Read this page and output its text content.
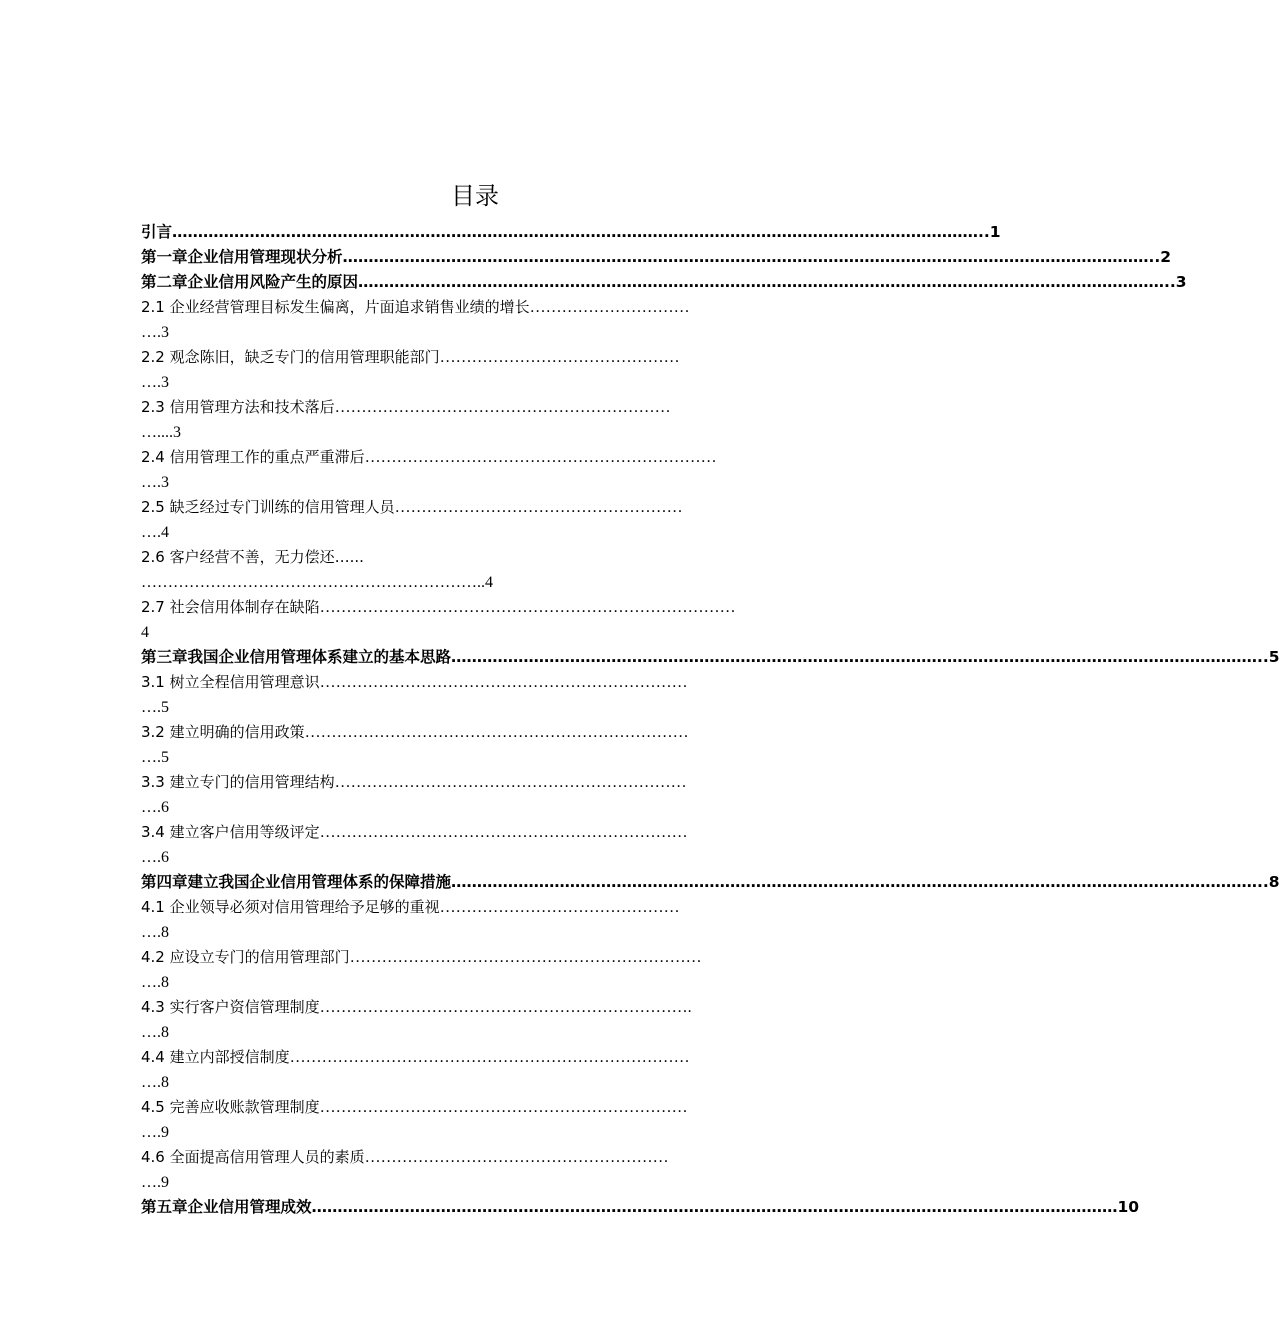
目录
引言 ………………………………………………………………………………………………………………………………………… ..1
第一章企业信用管理现状分析 ………………………………………………………………………………………………………………………………………… ..2
第二章企业信用风险产生的原因 ………………………………………………………………………………………………………………………………………… ..3
2.1 企业经营管理目标发生偏离，片面追求销售业绩的增长…………………………
….3
2.2 观念陈旧，缺乏专门的信用管理职能部门………………………………………
….3
2.3 信用管理方法和技术落后………………………………………………………
…....3
2.4 信用管理工作的重点严重滞后…………………………………………………………
….3
2.5 缺乏经过专门训练的信用管理人员………………………………………………
….4
2.6 客户经营不善，无力偿还…...
………………………………………………………..4
2.7 社会信用体制存在缺陷……………………………………………………………………
4
第三章我国企业信用管理体系建立的基本思路 ………………………………………………………………………………………………………………………………………… ..5
3.1 树立全程信用管理意识……………………………………………………………
….5
3.2 建立明确的信用政策………………………………………………………………
….5
3.3 建立专门的信用管理结构…………………………………………………………
….6
3.4 建立客户信用等级评定……………………………………………………………
….6
第四章建立我国企业信用管理体系的保障措施 ………………………………………………………………………………………………………………………………………… ..8
4.1 企业领导必须对信用管理给予足够的重视………………………………………
….8
4.2 应设立专门的信用管理部门…………………………………………………………
….8
4.3 实行客户资信管理制度…………………………………………………………….
….8
4.4 建立内部授信制度…………………………………………………………………
….8
4.5 完善应收账款管理制度……………………………………………………………
….9
4.6 全面提高信用管理人员的素质…………………………………………………
….9
第五章企业信用管理成效 ………………………………………………………………………………………………………………………………………… 10
